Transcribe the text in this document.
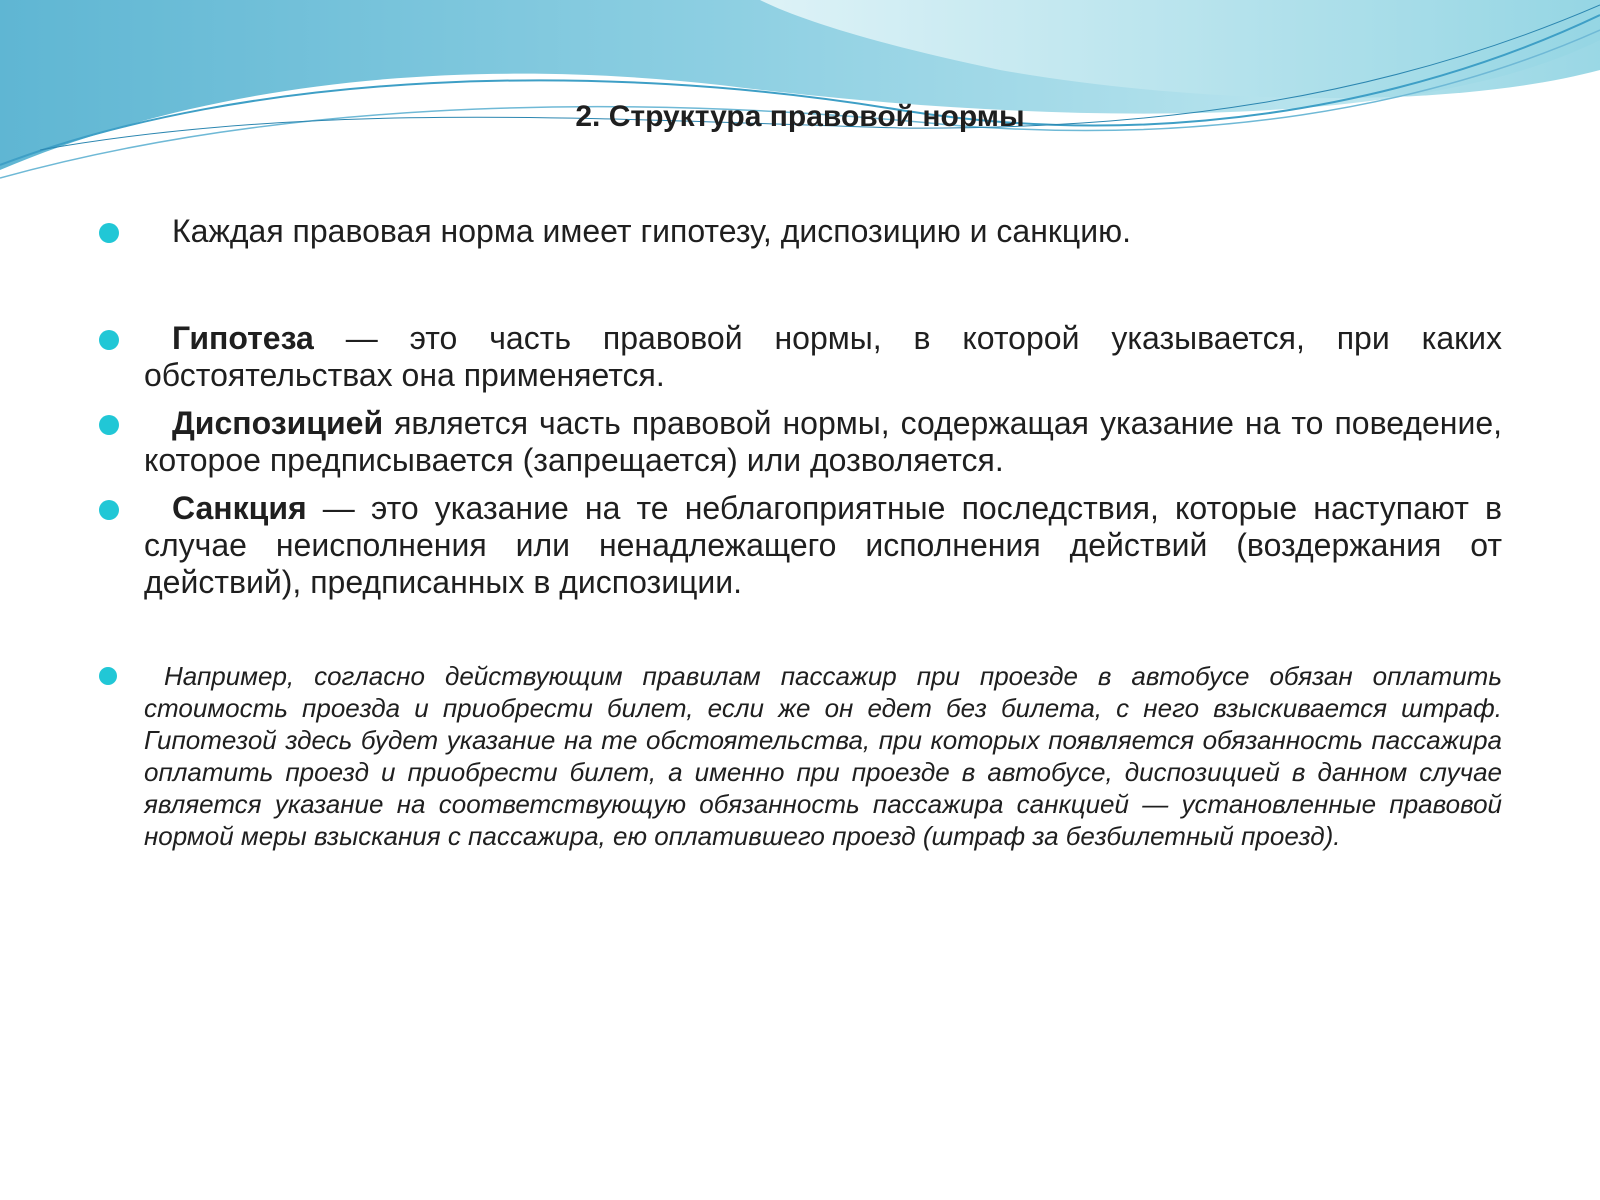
2. Структура правовой нормы
Каждая правовая норма имеет гипотезу, диспозицию и санкцию.
Гипотеза — это часть правовой нормы, в которой указывается, при каких обстоятельствах она применяется.
Диспозицией является часть правовой нормы, содержащая указание на то поведение, которое предписывается (запрещается) или дозволяется.
Санкция — это указание на те неблагоприятные последствия, которые наступают в случае неисполнения или ненадлежащего исполнения действий (воздержания от действий), предписанных в диспозиции.
Например, согласно действующим правилам пассажир при проезде в автобусе обязан оплатить стоимость проезда и приобрести билет, если же он едет без билета, с него взыскивается штраф. Гипотезой здесь будет указание на те обстоятельства, при которых появляется обязанность пассажира оплатить проезд и приобрести билет, а именно при проезде в автобусе, диспозицией в данном случае является указание на соответствующую обязанность пассажира санкцией — установленные правовой нормой меры взыскания с пассажира, ею оплатившего проезд (штраф за безбилетный проезд).
